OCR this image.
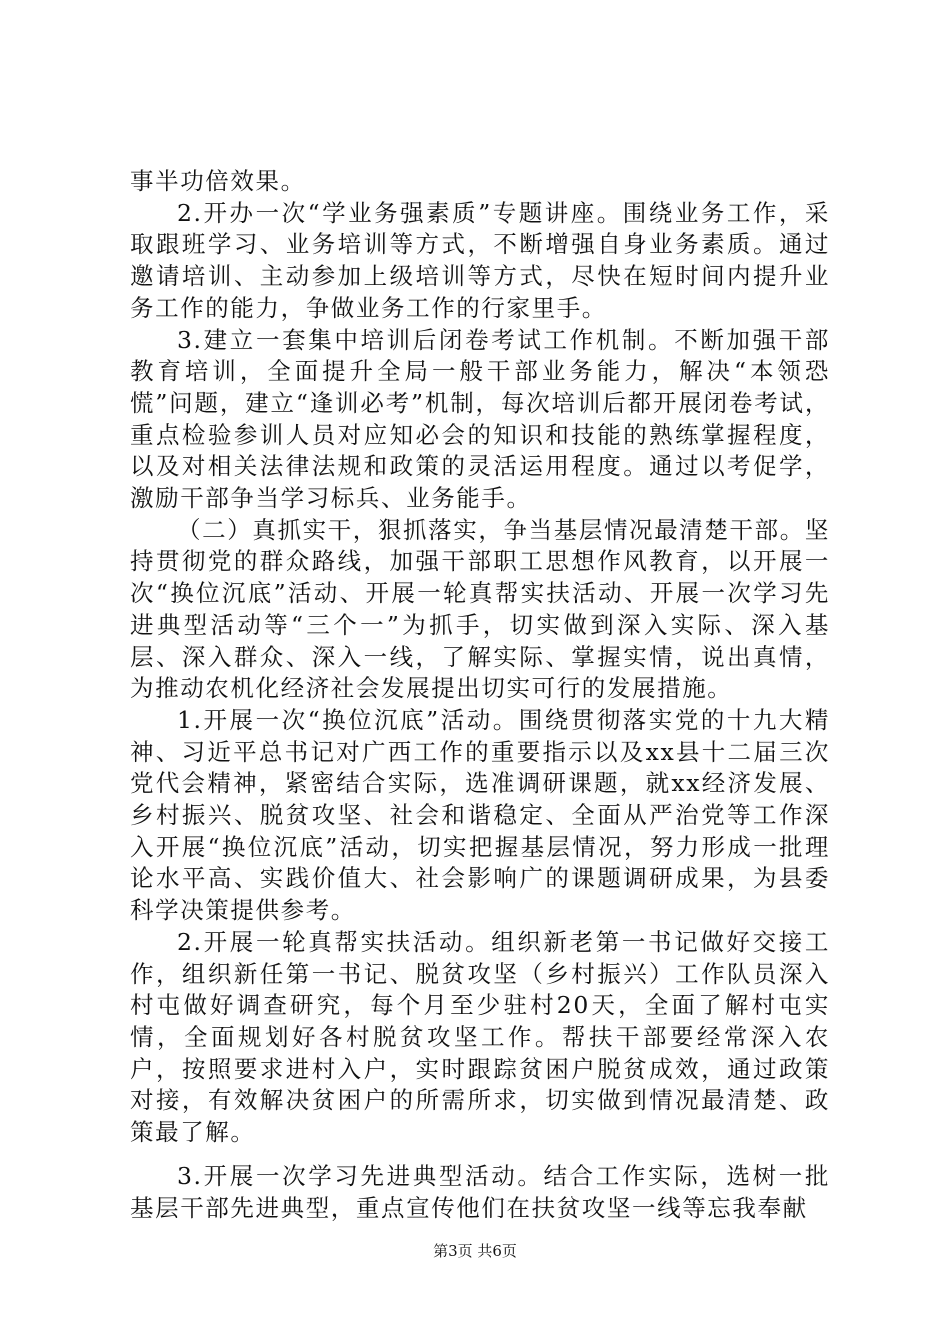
事半功倍效果。

2.开办一次“学业务强素质”专题讲座。围绕业务工作，采取跟班学习、业务培训等方式，不断增强自身业务素质。通过邀请培训、主动参加上级培训等方式，尽快在短时间内提升业务工作的能力，争做业务工作的行家里手。

3.建立一套集中培训后闭卷考试工作机制。不断加强干部教育培训，全面提升全局一般干部业务能力，解决“本领恐慌”问题，建立“逢训必考”机制，每次培训后都开展闭卷考试，重点检验参训人员对应知必会的知识和技能的熟练掌握程度，以及对相关法律法规和政策的灵活运用程度。通过以考促学，激励干部争当学习标兵、业务能手。

（二）真抓实干，狠抓落实，争当基层情况最清楚干部。坚持贯彻党的群众路线，加强干部职工思想作风教育，以开展一次“换位沉底”活动、开展一轮真帮实扶活动、开展一次学习先进典型活动等“三个一”为抓手，切实做到深入实际、深入基层、深入群众、深入一线，了解实际、掌握实情，说出真情，为推动农机化经济社会发展提出切实可行的发展措施。

1.开展一次“换位沉底”活动。围绕贯彻落实党的十九大精神、习近平总书记对广西工作的重要指示以及xx县十二届三次党代会精神，紧密结合实际，选准调研课题，就xx经济发展、乡村振兴、脱贫攻坚、社会和谐稳定、全面从严治党等工作深入开展“换位沉底”活动，切实把握基层情况，努力形成一批理论水平高、实践价值大、社会影响广的课题调研成果，为县委科学决策提供参考。

2.开展一轮真帮实扶活动。组织新老第一书记做好交接工作，组织新任第一书记、脱贫攻坚（乡村振兴）工作队员深入村屯做好调查研究，每个月至少驻村20天，全面了解村屯实情，全面规划好各村脱贫攻坚工作。帮扶干部要经常深入农户，按照要求进村入户，实时跟踪贫困户脱贫成效，通过政策对接，有效解决贫困户的所需所求，切实做到情况最清楚、政策最了解。

3.开展一次学习先进典型活动。结合工作实际，选树一批基层干部先进典型，重点宣传他们在扶贫攻坚一线等忘我奉献

第3页 共6页
